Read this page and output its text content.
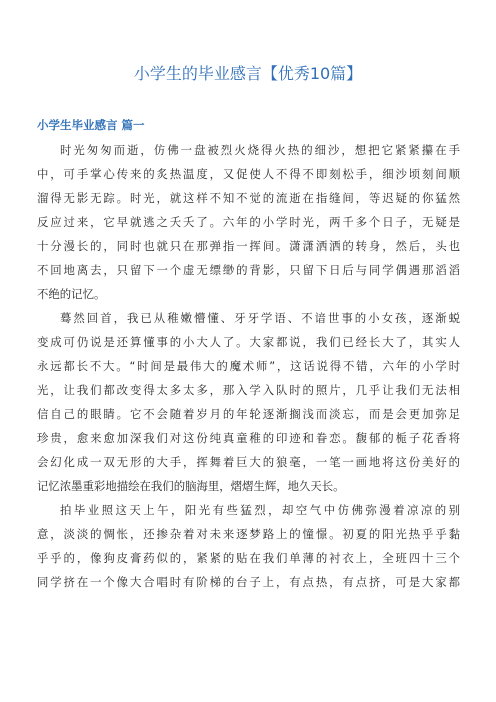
小学生的毕业感言【优秀10篇】
小学生毕业感言 篇一
时光匆匆而逝，仿佛一盘被烈火烧得火热的细沙，想把它紧紧攥在手
中，可手掌心传来的炙热温度，又促使人不得不即刻松手，细沙顷刻间顺
溜得无影无踪。时光，就这样不知不觉的流逝在指缝间，等迟疑的你猛然
反应过来，它早就逃之夭夭了。六年的小学时光，两千多个日子，无疑是
十分漫长的，同时也就只在那弹指一挥间。潇潇洒洒的转身，然后，头也
不回地离去，只留下一个虚无缥缈的背影，只留下日后与同学偶遇那滔滔
不绝的记忆。
蓦然回首，我已从稚嫩懵懂、牙牙学语、不谙世事的小女孩，逐渐蜕
变成可仍说是还算懂事的小大人了。大家都说，我们已经长大了，其实人
永远都长不大。“时间是最伟大的魔术师”，这话说得不错，六年的小学时
光，让我们都改变得太多太多，那入学入队时的照片，几乎让我们无法相
信自己的眼睛。它不会随着岁月的年轮逐渐搁浅而淡忘，而是会更加弥足
珍贵，愈来愈加深我们对这份纯真童稚的印迹和眷恋。馥郁的栀子花香将
会幻化成一双无形的大手，挥舞着巨大的狼毫，一笔一画地将这份美好的
记忆浓墨重彩地描绘在我们的脑海里，熠熠生辉，地久天长。
拍毕业照这天上午，阳光有些猛烈，却空气中仿佛弥漫着凉凉的别
意，淡淡的惆怅，还掺杂着对未来逐梦路上的憧憬。初夏的阳光热乎乎黏
乎乎的，像狗皮膏药似的，紧紧的贴在我们单薄的衬衣上，全班四十三个
同学挤在一个像大合唱时有阶梯的台子上，有点热，有点挤，可是大家都
